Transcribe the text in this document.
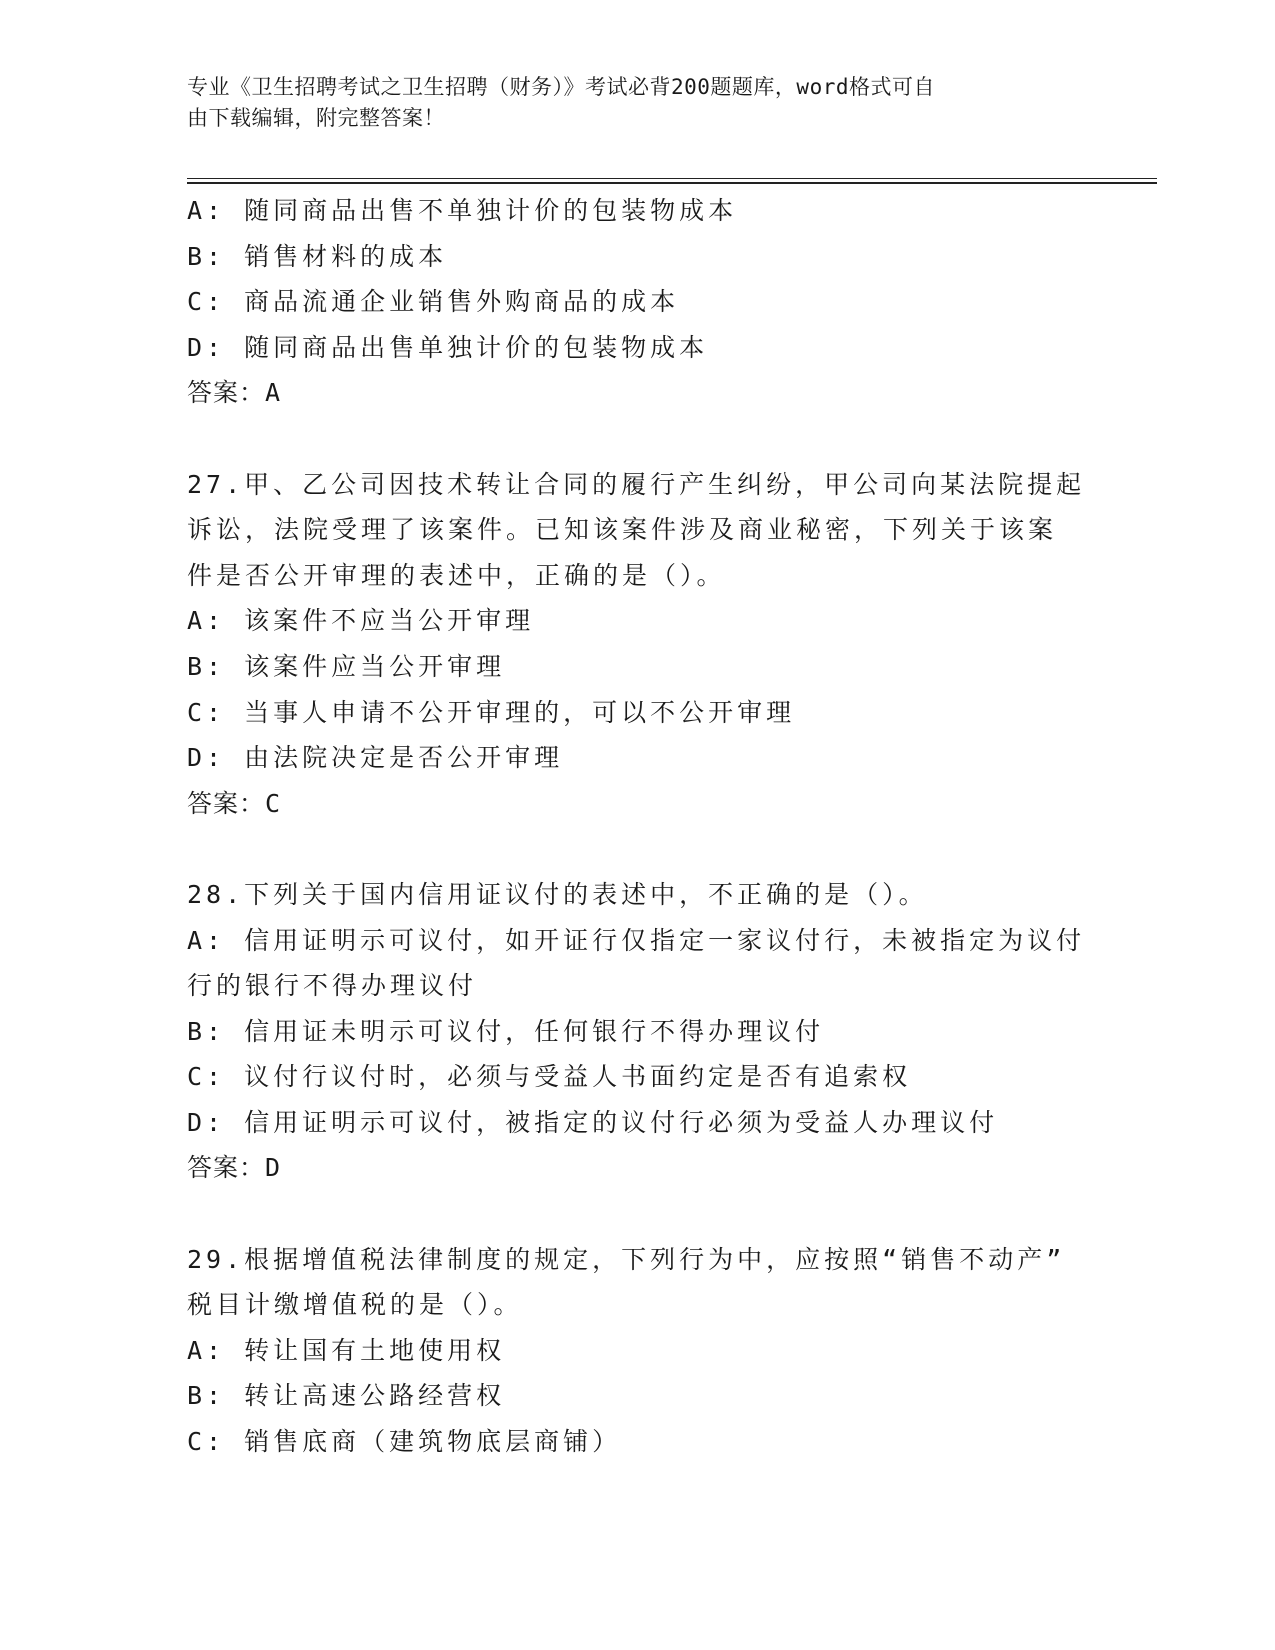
专业《卫生招聘考试之卫生招聘（财务）》考试必背200题题库，word格式可自
由下载编辑，附完整答案！
A: 随同商品出售不单独计价的包装物成本
B: 销售材料的成本
C: 商品流通企业销售外购商品的成本
D: 随同商品出售单独计价的包装物成本
答案：A
27.甲、乙公司因技术转让合同的履行产生纠纷，甲公司向某法院提起
诉讼，法院受理了该案件。已知该案件涉及商业秘密，下列关于该案
件是否公开审理的表述中，正确的是（）。
A: 该案件不应当公开审理
B: 该案件应当公开审理
C: 当事人申请不公开审理的，可以不公开审理
D: 由法院决定是否公开审理
答案：C
28.下列关于国内信用证议付的表述中，不正确的是（）。
A: 信用证明示可议付，如开证行仅指定一家议付行，未被指定为议付
行的银行不得办理议付
B: 信用证未明示可议付，任何银行不得办理议付
C: 议付行议付时，必须与受益人书面约定是否有追索权
D: 信用证明示可议付，被指定的议付行必须为受益人办理议付
答案：D
29.根据增值税法律制度的规定，下列行为中，应按照“销售不动产”
税目计缴增值税的是（）。
A: 转让国有土地使用权
B: 转让高速公路经营权
C: 销售底商（建筑物底层商铺）
